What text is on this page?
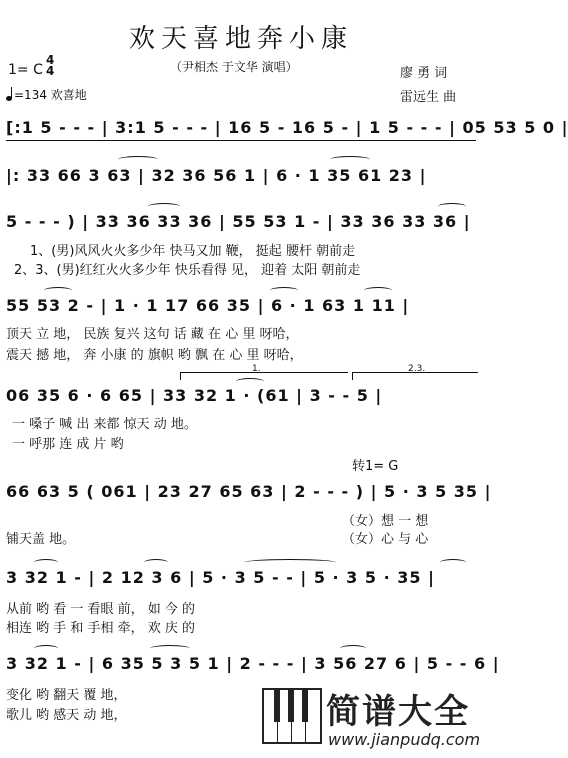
欢天喜地奔小康
（尹相杰 于文华 演唱）
1= C
4
4
=134 欢喜地
廖 勇 词
雷远生 曲
[:1 5 - - - | 3:1 5 - - - | 16 5 - 16 5 - | 1 5 - - - | 05 53 5 0 |
|: 33 66 3 63 | 32 36 56 1 | 6 · 1 35 61 23 |
5 - - - ) | 33 36 33 36 | 55 53 1 - | 33 36 33 36 |
1、(男)风风火火多少年 快马又加 鞭， 挺起 腰杆 朝前走
2、3、(男)红红火火多少年 快乐看得 见， 迎着 太阳 朝前走
55 53 2 - | 1 · 1 17 66 35 | 6 · 1 63 1 11 |
顶天 立 地， 民族 复兴 这句 话 藏 在 心 里 呀哈，
震天 撼 地， 奔 小康 的 旗帜 哟 飘 在 心 里 呀哈，
1.	2.3.
06 35 6 · 6 65 | 33 32 1 · (61 | 3 - - 5 |
一 嗓子 喊 出 来都 惊天 动 地。
一 呼那 连 成 片 哟
转1= G
66 63 5 ( 061 | 23 27 65 63 | 2 - - - ) | 5 · 3 5 35 |
（女）想 一 想
铺天盖 地。	（女）心 与 心
3 32 1 - | 2 12 3 6 | 5 · 3 5 - - | 5 · 3 5 · 35 |
从前 哟 看 一 看眼 前， 如 今 的
相连 哟 手 和 手相 牵， 欢 庆 的
3 32 1 - | 6 35 5 3 5 1 | 2 - - - | 3 56 27 6 | 5 - - 6 |
变化 哟 翻天 覆 地，
歌儿 哟 感天 动 地，	简谱大全
www.jianpudq.com
